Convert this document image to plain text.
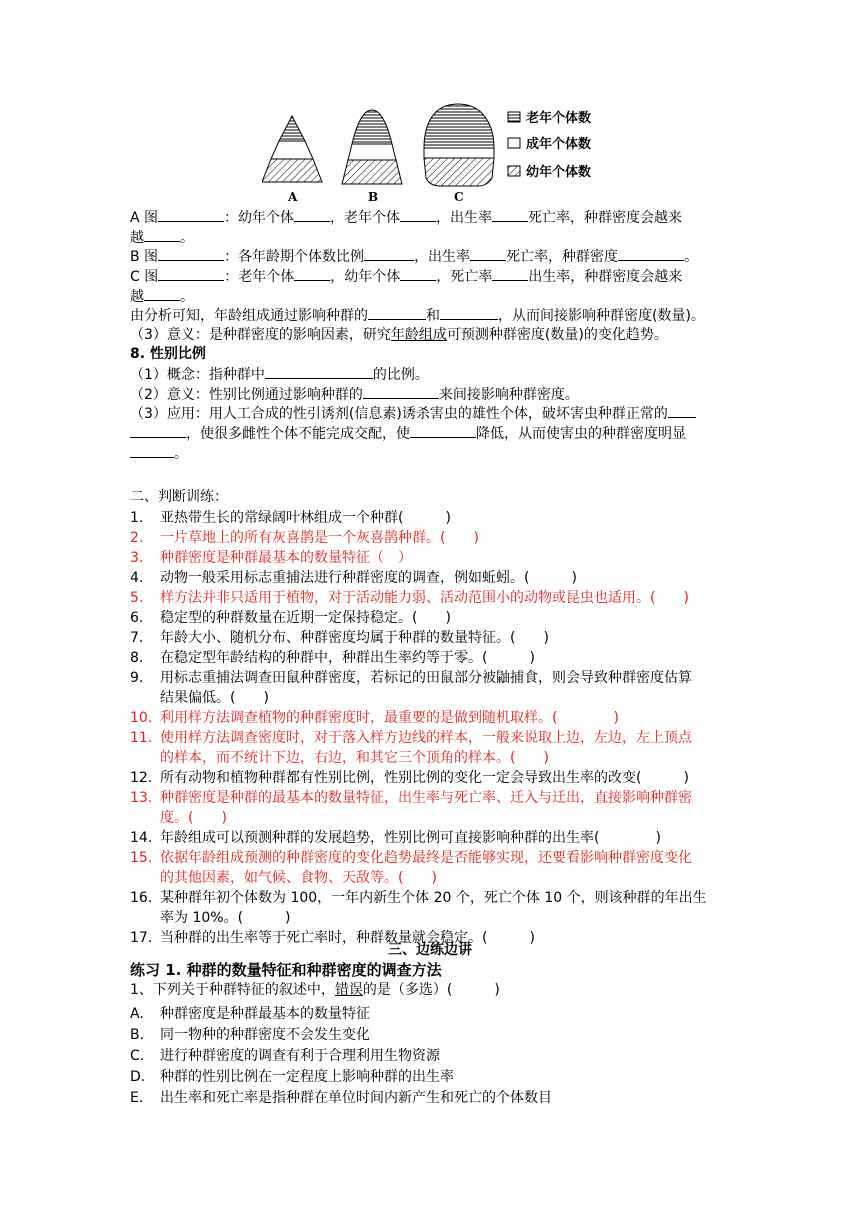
A	B	C
老年个体数
成年个体数
幼年个体数
A 图	：幼年个体	，老年个体	，出生率	死亡率，种群密度会越来
越	。
B 图	：各年龄期个体数比例	，出生率	死亡率，种群密度	。
C 图	：老年个体	，幼年个体	，死亡率	出生率，种群密度会越来
越	。
由分析可知，年龄组成通过影响种群的	和	，从而间接影响种群密度(数量)。
（3）意义：是种群密度的影响因素，研究年龄组成可预测种群密度(数量)的变化趋势。
8. 性别比例
（1）概念：指种群中	的比例。
（2）意义：性别比例通过影响种群的	来间接影响种群密度。
（3）应用：用人工合成的性引诱剂(信息素)诱杀害虫的雄性个体，破坏害虫种群正常的
，使很多雌性个体不能完成交配，使	降低，从而使害虫的种群密度明显
。
二、判断训练：
1. 亚热带生长的常绿阔叶林组成一个种群(　　　)
2. 一片草地上的所有灰喜鹊是一个灰喜鹊种群。(　　)
3. 种群密度是种群最基本的数量特征（　）
4. 动物一般采用标志重捕法进行种群密度的调查，例如蚯蚓。(　　　)
5. 样方法并非只适用于植物，对于活动能力弱、活动范围小的动物或昆虫也适用。(　　)
6. 稳定型的种群数量在近期一定保持稳定。(　　)
7. 年龄大小、随机分布、种群密度均属于种群的数量特征。(　　)
8. 在稳定型年龄结构的种群中，种群出生率约等于零。(　　　)
9. 用标志重捕法调查田鼠种群密度，若标记的田鼠部分被鼬捕食，则会导致种群密度估算
结果偏低。(　　)
10. 利用样方法调查植物的种群密度时，最重要的是做到随机取样。(　　　　)
11. 使用样方法调查密度时，对于落入样方边线的样本，一般来说取上边，左边，左上顶点
的样本，而不统计下边，右边，和其它三个顶角的样本。(　　)
12. 所有动物和植物种群都有性别比例，性别比例的变化一定会导致出生率的改变(　　　)
13. 种群密度是种群的最基本的数量特征，出生率与死亡率、迁入与迁出，直接影响种群密
度。(　　)
14. 年龄组成可以预测种群的发展趋势，性别比例可直接影响种群的出生率(　　　　)
15. 依据年龄组成预测的种群密度的变化趋势最终是否能够实现，还要看影响种群密度变化
的其他因素，如气候、食物、天敌等。(　　)
16. 某种群年初个体数为 100，一年内新生个体 20 个，死亡个体 10 个，则该种群的年出生
率为 10%。(　　　)
17. 当种群的出生率等于死亡率时，种群数量就会稳定。(　　　)
三、边练边讲
练习 1. 种群的数量特征和种群密度的调查方法
1、下列关于种群特征的叙述中，错误的是（多选）(　　　)
A. 种群密度是种群最基本的数量特征
B. 同一物种的种群密度不会发生变化
C. 进行种群密度的调查有利于合理利用生物资源
D. 种群的性别比例在一定程度上影响种群的出生率
E. 出生率和死亡率是指种群在单位时间内新产生和死亡的个体数目
